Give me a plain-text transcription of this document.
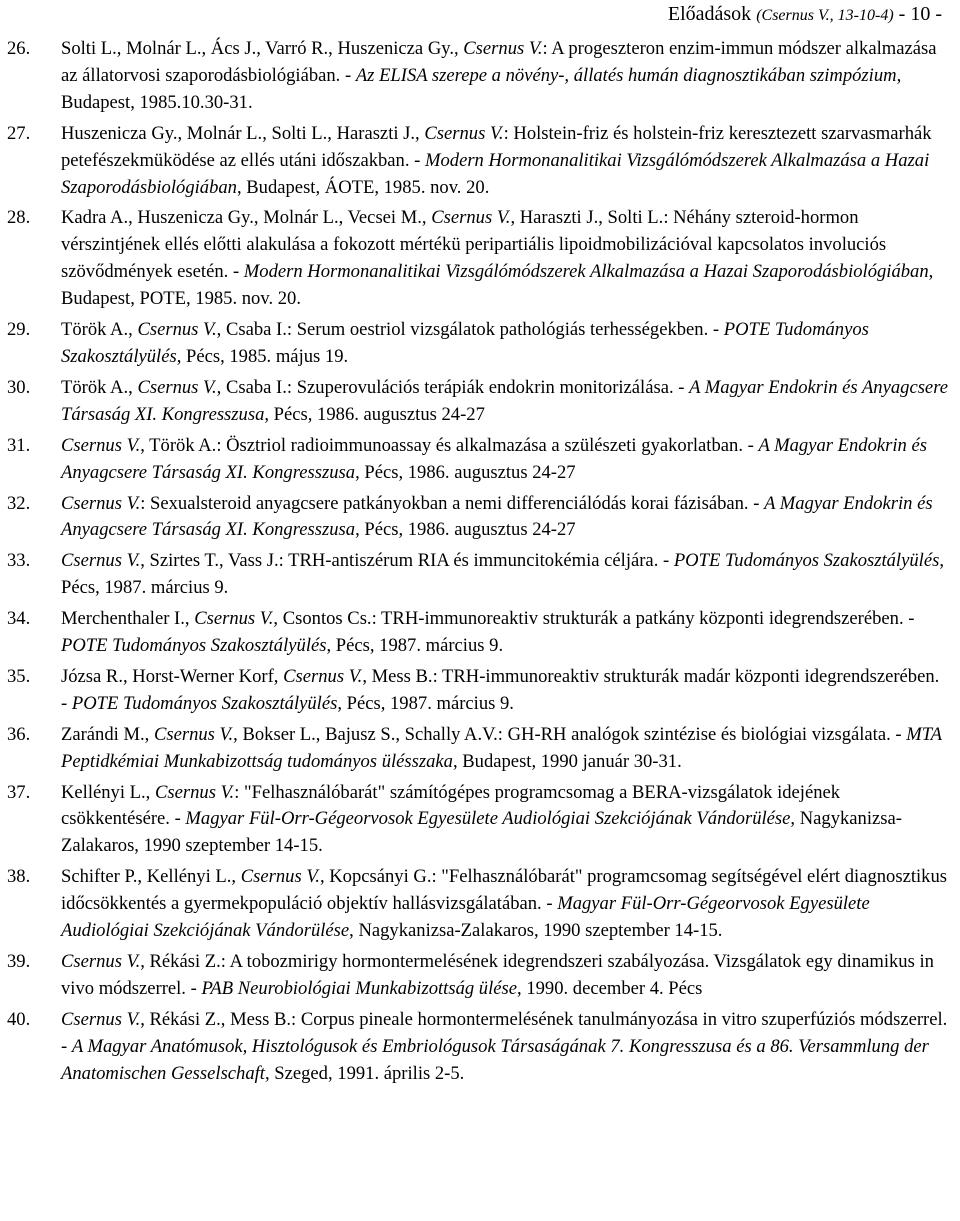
Előadások (Csernus V., 13-10-4) - 10 -
26. Solti L., Molnár L., Ács J., Varró R., Huszenicza Gy., Csernus V.: A progeszteron enzim-immun módszer alkalmazása az állatorvosi szaporodásbiológiában. - Az ELISA szerepe a növény-, állatés humán diagnosztikában szimpózium, Budapest, 1985.10.30-31.
27. Huszenicza Gy., Molnár L., Solti L., Haraszti J., Csernus V.: Holstein-friz és holstein-friz keresztezett szarvasmarhák petefészekmüködése az ellés utáni időszakban. - Modern Hormonanalitikai Vizsgálómódszerek Alkalmazása a Hazai Szaporodásbiológiában, Budapest, ÁOTE, 1985. nov. 20.
28. Kadra A., Huszenicza Gy., Molnár L., Vecsei M., Csernus V., Haraszti J., Solti L.: Néhány szteroid-hormon vérszintjének ellés előtti alakulása a fokozott mértékü peripartiális lipoidmobilizációval kapcsolatos involuciós szövődmények esetén. - Modern Hormonanalitikai Vizsgálómódszerek Alkalmazása a Hazai Szaporodásbiológiában, Budapest, POTE, 1985. nov. 20.
29. Török A., Csernus V., Csaba I.: Serum oestriol vizsgálatok pathológiás terhességekben. - POTE Tudományos Szakosztályülés, Pécs, 1985. május 19.
30. Török A., Csernus V., Csaba I.: Szuperovulációs terápiák endokrin monitorizálása. - A Magyar Endokrin és Anyagcsere Társaság XI. Kongresszusa, Pécs, 1986. augusztus 24-27
31. Csernus V., Török A.: Ösztriol radioimmunoassay és alkalmazása a szülészeti gyakorlatban. - A Magyar Endokrin és Anyagcsere Társaság XI. Kongresszusa, Pécs, 1986. augusztus 24-27
32. Csernus V.: Sexualsteroid anyagcsere patkányokban a nemi differenciálódás korai fázisában. - A Magyar Endokrin és Anyagcsere Társaság XI. Kongresszusa, Pécs, 1986. augusztus 24-27
33. Csernus V., Szirtes T., Vass J.: TRH-antiszérum RIA és immuncitokémia céljára. - POTE Tudományos Szakosztályülés, Pécs, 1987. március 9.
34. Merchenthaler I., Csernus V., Csontos Cs.: TRH-immunoreaktiv strukturák a patkány központi idegrendszerében. - POTE Tudományos Szakosztályülés, Pécs, 1987. március 9.
35. Józsa R., Horst-Werner Korf, Csernus V., Mess B.: TRH-immunoreaktiv strukturák madár központi idegrendszerében. - POTE Tudományos Szakosztályülés, Pécs, 1987. március 9.
36. Zarándi M., Csernus V., Bokser L., Bajusz S., Schally A.V.: GH-RH analógok szintézise és biológiai vizsgálata. - MTA Peptidkémiai Munkabizottság tudományos ülésszaka, Budapest, 1990 január 30-31.
37. Kellényi L., Csernus V.: "Felhasználóbarát" számítógépes programcsomag a BERA-vizsgálatok idejének csökkentésére. - Magyar Fül-Orr-Gégeorvosok Egyesülete Audiológiai Szekciójának Vándorülése, Nagykanizsa-Zalakaros, 1990 szeptember 14-15.
38. Schifter P., Kellényi L., Csernus V., Kopcsányi G.: "Felhasználóbarát" programcsomag segítségével elért diagnosztikus időcsökkentés a gyermekpopuláció objektív hallásvizsgálatában. - Magyar Fül-Orr-Gégeorvosok Egyesülete Audiológiai Szekciójának Vándorülése, Nagykanizsa-Zalakaros, 1990 szeptember 14-15.
39. Csernus V., Rékási Z.: A tobozmirigy hormontermelésének idegrendszeri szabályozása. Vizsgálatok egy dinamikus in vivo módszerrel. - PAB Neurobiológiai Munkabizottság ülése, 1990. december 4. Pécs
40. Csernus V., Rékási Z., Mess B.: Corpus pineale hormontermelésének tanulmányozása in vitro szuperfúziós módszerrel. - A Magyar Anatómusok, Hisztológusok és Embriológusok Társaságának 7. Kongresszusa és a 86. Versammlung der Anatomischen Gesselschaft, Szeged, 1991. április 2-5.
